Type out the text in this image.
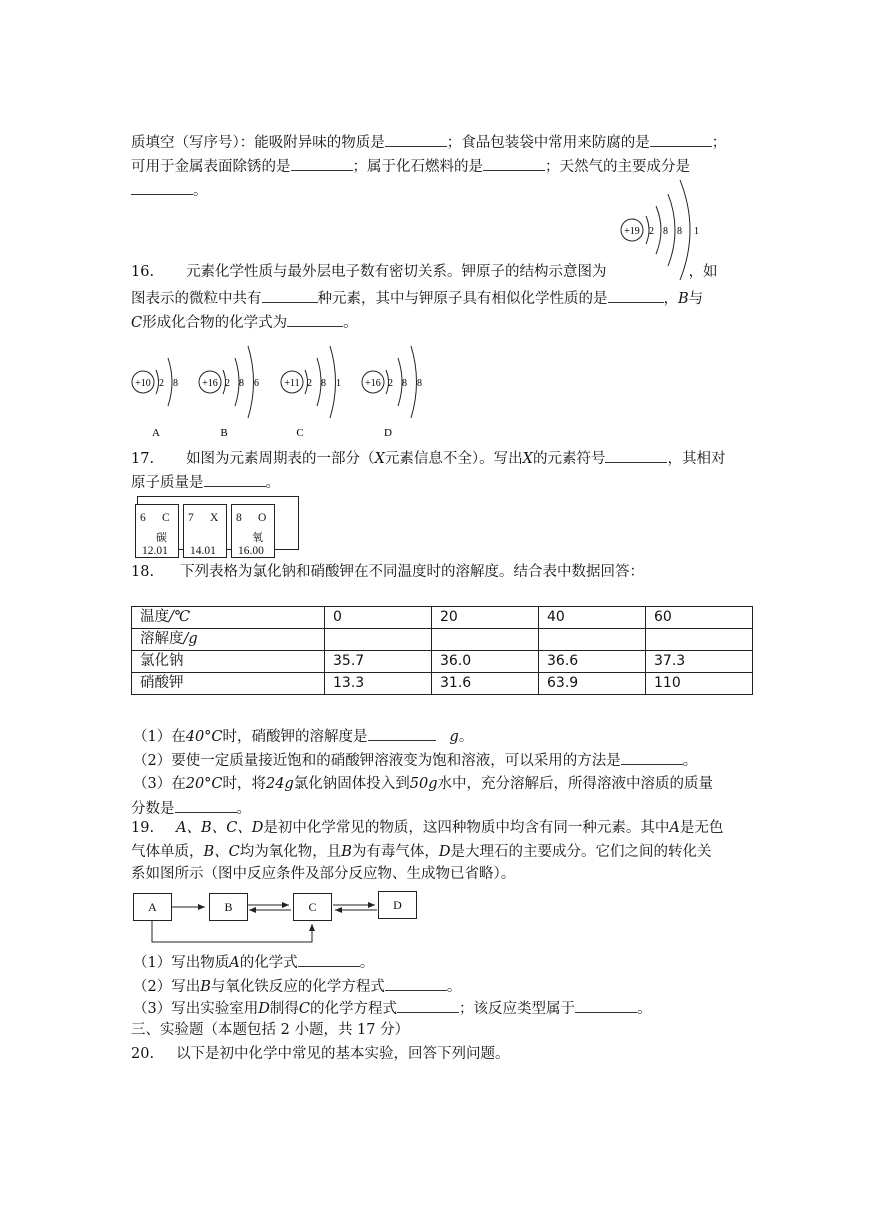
质填空（写序号）：能吸附异味的物质是	；食品包装袋中常用来防腐的是	；
可用于金属表面除锈的是	；属于化石燃料的是	；天然气的主要成分是
。
+19 2 8 8 1
16. 元素化学性质与最外层电子数有密切关系。钾原子的结构示意图为	，如
图表示的微粒中共有	种元素，其中与钾原子具有相似化学性质的是	，B与
C形成化合物的化学式为	。
+10 2 8
A
+16 2 8 6
B
+11 2 8 1
C
+16 2 8 8
D
17. 如图为元素周期表的一部分（X元素信息不全）。写出X的元素符号	，其相对
原子质量是	。
6 C
碳
12.01
7 X
14.01
8 O
氧
16.00
18. 下列表格为氯化钠和硝酸钾在不同温度时的溶解度。结合表中数据回答：
温度/℃	0	20	40	60
溶解度/g				
氯化钠	35.7	36.0	36.6	37.3
硝酸钾	13.3	31.6	63.9	110
（1）在40°C时，硝酸钾的溶解度是	g。
（2）要使一定质量接近饱和的硝酸钾溶液变为饱和溶液，可以采用的方法是	。
（3）在20°C时，将24g氯化钠固体投入到50g水中，充分溶解后，所得溶液中溶质的质量
分数是	。
19. A、B、C、D是初中化学常见的物质，这四种物质中均含有同一种元素。其中A是无色
气体单质，B、C均为氧化物，且B为有毒气体，D是大理石的主要成分。它们之间的转化关
系如图所示（图中反应条件及部分反应物、生成物已省略）。
A	B	C	D
（1）写出物质A的化学式	。
（2）写出B与氧化铁反应的化学方程式	。
（3）写出实验室用D制得C的化学方程式	；该反应类型属于	。
三、实验题（本题包括 2 小题，共 17 分）
20. 以下是初中化学中常见的基本实验，回答下列问题。
